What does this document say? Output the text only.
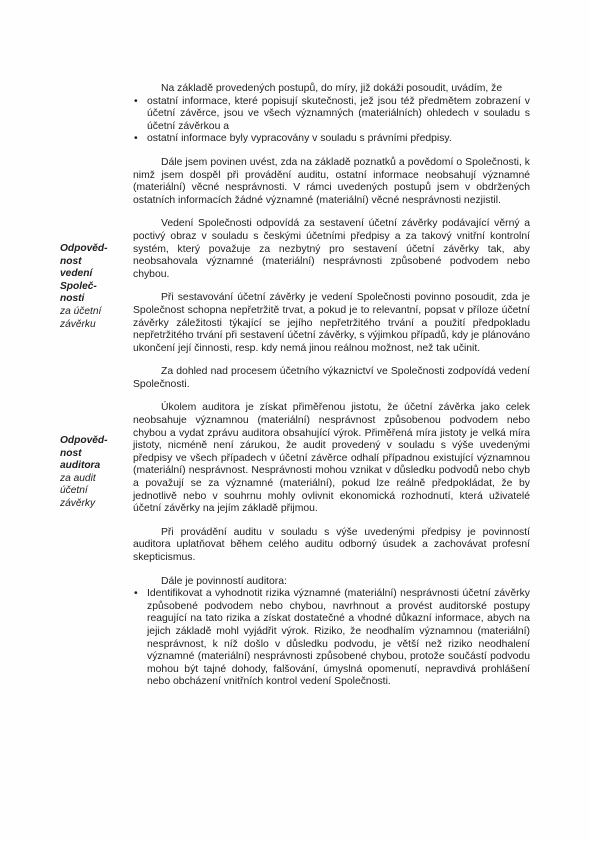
Odpověd-
nost
vedení
Společ-
nosti
za účetní
závěrku
Odpověd-
nost
auditora
za audit
účetní
závěrky

Na základě provedených postupů, do míry, již dokáži posoudit, uvádím, že

• ostatní informace, které popisují skutečnosti, jež jsou též předmětem zobrazení v účetní závěrce, jsou ve všech významných (materiálních) ohledech v souladu s účetní závěrkou a
• ostatní informace byly vypracovány v souladu s právními předpisy.

Dále jsem povinen uvést, zda na základě poznatků a povědomí o Společnosti, k nimž jsem dospěl při provádění auditu, ostatní informace neobsahují významné (materiální) věcné nesprávnosti. V rámci uvedených postupů jsem v obdržených ostatních informacích žádné významné (materiální) věcné nesprávnosti nezjistil.

Vedení Společnosti odpovídá za sestavení účetní závěrky podávající věrný a poctivý obraz v souladu s českými účetními předpisy a za takový vnitřní kontrolní systém, který považuje za nezbytný pro sestavení účetní závěrky tak, aby neobsahovala významné (materiální) nesprávnosti způsobené podvodem nebo chybou.

Při sestavování účetní závěrky je vedení Společnosti povinno posoudit, zda je Společnost schopna nepřetržitě trvat, a pokud je to relevantní, popsat v příloze účetní závěrky záležitosti týkající se jejího nepřetržitého trvání a použití předpokladu nepřetržitého trvání při sestavení účetní závěrky, s výjimkou případů, kdy je plánováno ukončení její činnosti, resp. kdy nemá jinou reálnou možnost, než tak učinit.

Za dohled nad procesem účetního výkaznictví ve Společnosti zodpovídá vedení Společnosti.

Úkolem auditora je získat přiměřenou jistotu, že účetní závěrka jako celek neobsahuje významnou (materiální) nesprávnost způsobenou podvodem nebo chybou a vydat zprávu auditora obsahující výrok. Přiměřená míra jistoty je velká míra jistoty, nicméně není zárukou, že audit provedený v souladu s výše uvedenými předpisy ve všech případech v účetní závěrce odhalí případnou existující významnou (materiální) nesprávnost. Nesprávnosti mohou vznikat v důsledku podvodů nebo chyb a považují se za významné (materiální), pokud lze reálně předpokládat, že by jednotlivě nebo v souhrnu mohly ovlivnit ekonomická rozhodnutí, která uživatelé účetní závěrky na jejím základě přijmou.

Při provádění auditu v souladu s výše uvedenými předpisy je povinností auditora uplatňovat během celého auditu odborný úsudek a zachovávat profesní skepticismus.

Dále je povinností auditora:

• Identifikovat a vyhodnotit rizika významné (materiální) nesprávnosti účetní závěrky způsobené podvodem nebo chybou, navrhnout a provést auditorské postupy reagující na tato rizika a získat dostatečné a vhodné důkazní informace, abych na jejich základě mohl vyjádřit výrok. Riziko, že neodhalím významnou (materiální) nesprávnost, k níž došlo v důsledku podvodu, je větší než riziko neodhalení významné (materiální) nesprávnosti způsobené chybou, protože součástí podvodu mohou být tajné dohody, falšování, úmyslná opomenutí, nepravdivá prohlášení nebo obcházení vnitřních kontrol vedení Společnosti.
